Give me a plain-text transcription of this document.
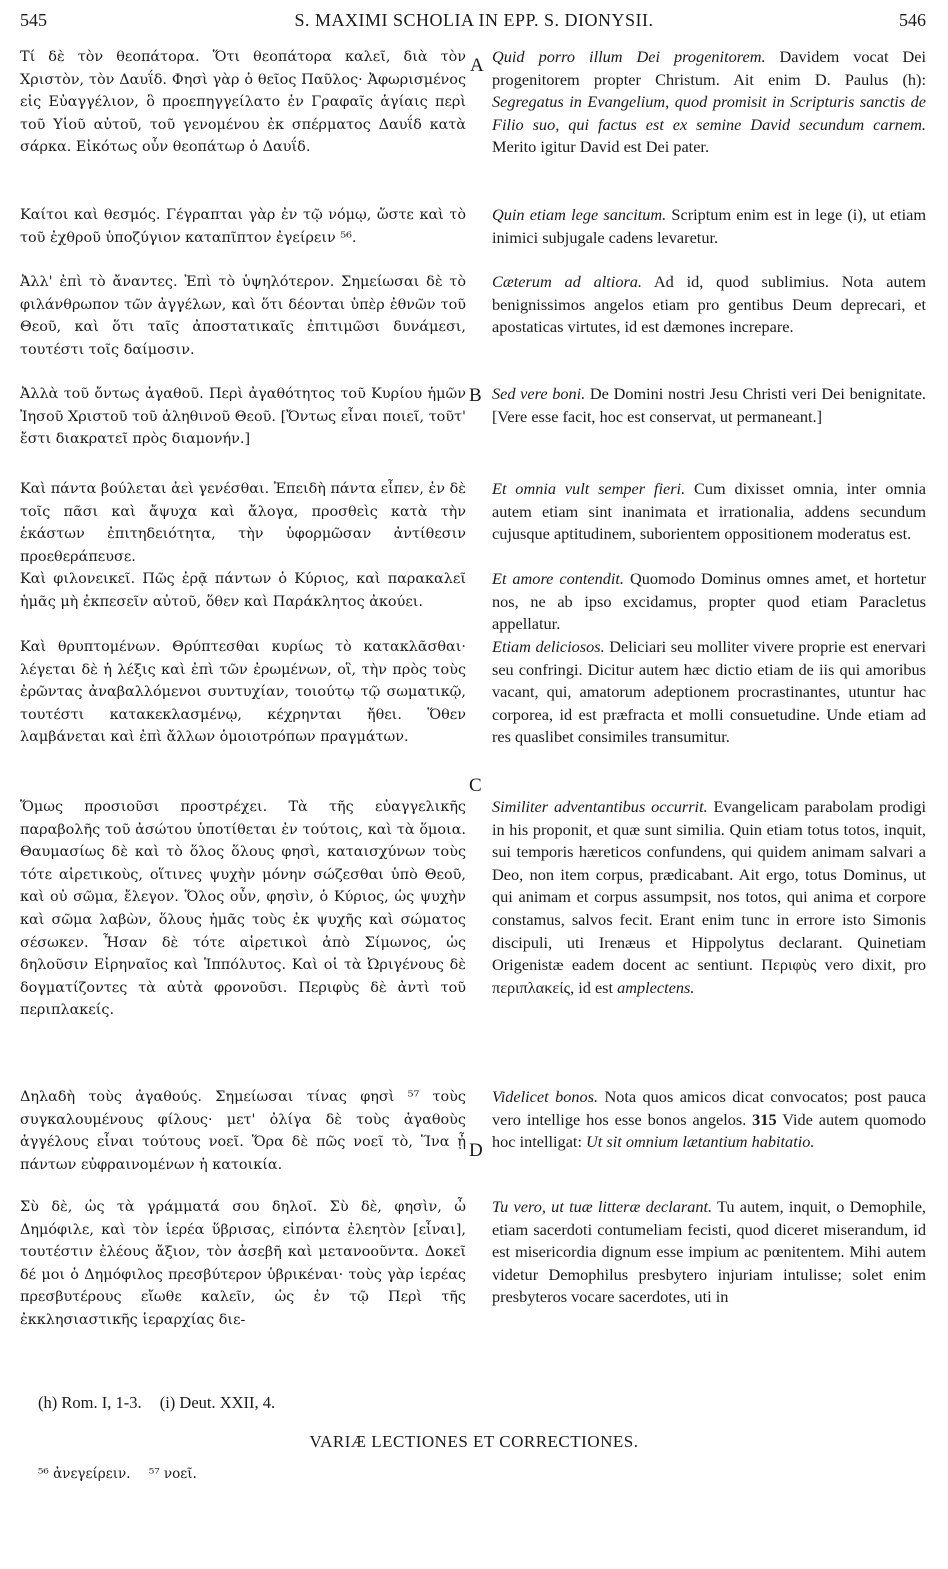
545	S. MAXIMI SCHOLIA IN EPP. S. DIONYSII.	546
Τί δὲ τὸν θεοπάτορα. Ὅτι θεοπάτορα καλεῖ, διὰ τὸν Χριστὸν, τὸν Δαυΐδ. Φησὶ γὰρ ὁ θεῖος Παῦλος· Ἀφωρισμένος εἰς Εὐαγγέλιον, ὃ προεπηγγείλατο ἐν Γραφαῖς ἁγίαις περὶ τοῦ Υἱοῦ αὐτοῦ, τοῦ γενομένου ἐκ σπέρματος Δαυΐδ κατὰ σάρκα. Εἰκότως οὖν θεοπάτωρ ὁ Δαυΐδ.
Καίτοι καὶ θεσμός. Γέγραπται γὰρ ἐν τῷ νόμῳ, ὥστε καὶ τὸ τοῦ ἐχθροῦ ὑποζύγιον καταπῖπτον ἐγείρειν ⁵⁶.
Ἀλλ' ἐπὶ τὸ ἄναντες. Ἐπὶ τὸ ὑψηλότερον. Σημείωσαι δὲ τὸ φιλάνθρωπον τῶν ἀγγέλων, καὶ ὅτι δέονται ὑπὲρ ἐθνῶν τοῦ Θεοῦ, καὶ ὅτι ταῖς ἀποστατικαῖς ἐπιτιμῶσι δυνάμεσι, τουτέστι τοῖς δαίμοσιν.
Ἀλλὰ τοῦ ὄντως ἀγαθοῦ. Περὶ ἀγαθότητος τοῦ Κυρίου ἡμῶν Ἰησοῦ Χριστοῦ τοῦ ἀληθινοῦ Θεοῦ. [Ὄντως εἶναι ποιεῖ, τοῦτ' ἔστι διακρατεῖ πρὸς διαμονήν.]
Καὶ πάντα βούλεται ἀεὶ γενέσθαι. Ἐπειδὴ πάντα εἶπεν, ἐν δὲ τοῖς πᾶσι καὶ ἄψυχα καὶ ἄλογα, προσθεὶς κατὰ τὴν ἑκάστων ἐπιτηδειότητα, τὴν ὑφορμῶσαν ἀντίθεσιν προεθεράπευσε.
Καὶ φιλονεικεῖ. Πῶς ἐρᾷ πάντων ὁ Κύριος, καὶ παρακαλεῖ ἡμᾶς μὴ ἐκπεσεῖν αὐτοῦ, ὅθεν καὶ Παράκλητος ἀκούει.
Καὶ θρυπτομένων. Θρύπτεσθαι κυρίως τὸ κατακλᾶσθαι· λέγεται δὲ ἡ λέξις καὶ ἐπὶ τῶν ἐρωμένων, οἳ, τὴν πρὸς τοὺς ἐρῶντας ἀναβαλλόμενοι συντυχίαν, τοιούτῳ τῷ σωματικῷ, τουτέστι κατακεκλασμένῳ, κέχρηνται ἤθει. Ὅθεν λαμβάνεται καὶ ἐπὶ ἄλλων ὁμοιοτρόπων πραγμάτων.
Ὅμως προσιοῦσι προστρέχει. Τὰ τῆς εὐαγγελικῆς παραβολῆς τοῦ ἀσώτου ὑποτίθεται ἐν τούτοις, καὶ τὰ ὅμοια. Θαυμασίως δὲ καὶ τὸ ὅλος ὅλους φησὶ, καταισχύνων τοὺς τότε αἱρετικοὺς, οἵτινες ψυχὴν μόνην σώζεσθαι ὑπὸ Θεοῦ, καὶ οὐ σῶμα, ἔλεγον. Ὅλος οὖν, φησὶν, ὁ Κύριος, ὡς ψυχὴν καὶ σῶμα λαβὼν, ὅλους ἡμᾶς τοὺς ἐκ ψυχῆς καὶ σώματος σέσωκεν. Ἦσαν δὲ τότε αἱρετικοὶ ἀπὸ Σίμωνος, ὡς δηλοῦσιν Εἰρηναῖος καὶ Ἱππόλυτος. Καὶ οἱ τὰ Ὠριγένους δὲ δογματίζοντες τὰ αὐτὰ φρονοῦσι. Περιφὺς δὲ ἀντὶ τοῦ περιπλακείς.
Δηλαδὴ τοὺς ἀγαθούς. Σημείωσαι τίνας φησὶ ⁵⁷ τοὺς συγκαλουμένους φίλους· μετ' ὀλίγα δὲ τοὺς ἀγαθοὺς ἀγγέλους εἶναι τούτους νοεῖ. Ὅρα δὲ πῶς νοεῖ τὸ, Ἵνα ᾖ πάντων εὐφραινομένων ἡ κατοικία.
Σὺ δὲ, ὡς τὰ γράμματά σου δηλοῖ. Σὺ δὲ, φησὶν, ὦ Δημόφιλε, καὶ τὸν ἱερέα ὕβρισας, εἰπόντα ἐλεητὸν [εἶναι], τουτέστιν ἐλέους ἄξιον, τὸν ἀσεβῆ καὶ μετανοοῦντα. Δοκεῖ δέ μοι ὁ Δημόφιλος πρεσβύτερον ὑβρικέναι· τοὺς γὰρ ἱερέας πρεσβυτέρους εἴωθε καλεῖν, ὡς ἐν τῷ Περὶ τῆς ἐκκλησιαστικῆς ἱεραρχίας διε-
A
B
C
D
Quid porro illum Dei progenitorem. Davidem vocat Dei progenitorem propter Christum. Ait enim D. Paulus (h): Segregatus in Evangelium, quod promisit in Scripturis sanctis de Filio suo, qui factus est ex semine David secundum carnem. Merito igitur David est Dei pater.
Quin etiam lege sancitum. Scriptum enim est in lege (i), ut etiam inimici subjugale cadens levaretur.
Cæterum ad altiora. Ad id, quod sublimius. Nota autem benignissimos angelos etiam pro gentibus Deum deprecari, et apostaticas virtutes, id est dæmones increpare.
Sed vere boni. De Domini nostri Jesu Christi veri Dei benignitate. [Vere esse facit, hoc est conservat, ut permaneant.]
Et omnia vult semper fieri. Cum dixisset omnia, inter omnia autem etiam sint inanimata et irrationalia, addens secundum cujusque aptitudinem, suborientem oppositionem moderatus est.
Et amore contendit. Quomodo Dominus omnes amet, et hortetur nos, ne ab ipso excidamus, propter quod etiam Paracletus appellatur.
Etiam deliciosos. Deliciari seu molliter vivere proprie est enervari seu confringi. Dicitur autem hæc dictio etiam de iis qui amoribus vacant, qui, amatorum adeptionem procrastinantes, utuntur hac corporea, id est præfracta et molli consuetudine. Unde etiam ad res quaslibet consimiles transumitur.
Similiter adventantibus occurrit. Evangelicam parabolam prodigi in his proponit, et quæ sunt similia. Quin etiam totus totos, inquit, sui temporis hæreticos confundens, qui quidem animam salvari a Deo, non item corpus, prædicabant. Ait ergo, totus Dominus, ut qui animam et corpus assumpsit, nos totos, qui anima et corpore constamus, salvos fecit. Erant enim tunc in errore isto Simonis discipuli, uti Irenæus et Hippolytus declarant. Quinetiam Origenistæ eadem docent ac sentiunt. Περιφὺς vero dixit, pro περιπλακείς, id est amplectens.
Videlicet bonos. Nota quos amicos dicat convocatos; post pauca vero intellige hos esse bonos angelos. 315 Vide autem quomodo hoc intelligat: Ut sit omnium lætantium habitatio.
Tu vero, ut tuæ litteræ declarant. Tu autem, inquit, o Demophile, etiam sacerdoti contumeliam fecisti, quod diceret miserandum, id est misericordia dignum esse impium ac pœnitentem. Mihi autem videtur Demophilus presbytero injuriam intulisse; solet enim presbyteros vocare sacerdotes, uti in
(h) Rom. I, 1-3. (i) Deut. XXII, 4.
VARIÆ LECTIONES ET CORRECTIONES.
⁵⁶ ἀνεγείρειν. ⁵⁷ νοεῖ.
